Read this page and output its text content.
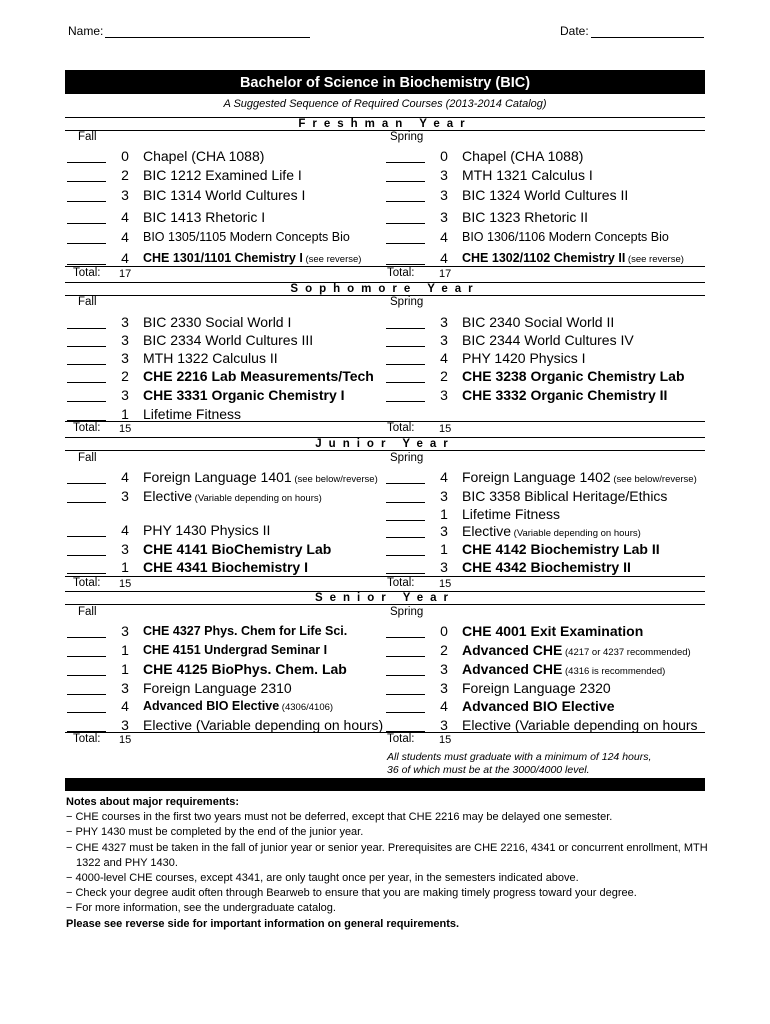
Name:	Date:
Bachelor of Science in Biochemistry (BIC)
A Suggested Sequence of Required Courses (2013-2014 Catalog)
Freshman Year
Fall
0 Chapel (CHA 1088)
2 BIC 1212 Examined Life I
3 BIC 1314 World Cultures I
4 BIC 1413 Rhetoric I
4 BIO 1305/1105 Modern Concepts Bio
4 CHE 1301/1101 Chemistry I (see reverse)
Total: 17
Spring
0 Chapel (CHA 1088)
3 MTH 1321 Calculus I
3 BIC 1324 World Cultures II
3 BIC 1323 Rhetoric II
4 BIO 1306/1106 Modern Concepts Bio
4 CHE 1302/1102 Chemistry II (see reverse)
Total: 17
Sophomore Year
Fall
3 BIC 2330 Social World I
3 BIC 2334 World Cultures III
3 MTH 1322 Calculus II
2 CHE 2216 Lab Measurements/Tech
3 CHE 3331 Organic Chemistry I
1 Lifetime Fitness
Total: 15
Spring
3 BIC 2340 Social World II
3 BIC 2344 World Cultures IV
4 PHY 1420 Physics I
2 CHE 3238 Organic Chemistry Lab
3 CHE 3332 Organic Chemistry II
Total: 15
Junior Year
Fall
4 Foreign Language 1401 (see below/reverse)
3 Elective (Variable depending on hours)
4 PHY 1430 Physics II
3 CHE 4141 BioChemistry Lab
1 CHE 4341 Biochemistry I
Total: 15
Spring
4 Foreign Language 1402 (see below/reverse)
3 BIC 3358 Biblical Heritage/Ethics
1 Lifetime Fitness
3 Elective (Variable depending on hours)
1 CHE 4142 Biochemistry Lab II
3 CHE 4342 Biochemistry II
Total: 15
Senior Year
Fall
3 CHE 4327 Phys. Chem for Life Sci.
1 CHE 4151 Undergrad Seminar I
1 CHE 4125 BioPhys. Chem. Lab
3 Foreign Language 2310
4 Advanced BIO Elective (4306/4106)
3 Elective (Variable depending on hours)
Total: 15
Spring
0 CHE 4001 Exit Examination
2 Advanced CHE (4217 or 4237 recommended)
3 Advanced CHE (4316 is recommended)
3 Foreign Language 2320
4 Advanced BIO Elective
3 Elective (Variable depending on hours
Total: 15
All students must graduate with a minimum of 124 hours,
36 of which must be at the 3000/4000 level.
Notes about major requirements:
− CHE courses in the first two years must not be deferred, except that CHE 2216 may be delayed one semester.
− PHY 1430 must be completed by the end of the junior year.
− CHE 4327 must be taken in the fall of junior year or senior year. Prerequisites are CHE 2216, 4341 or concurrent enrollment, MTH 1322 and PHY 1430.
− 4000-level CHE courses, except 4341, are only taught once per year, in the semesters indicated above.
− Check your degree audit often through Bearweb to ensure that you are making timely progress toward your degree.
− For more information, see the undergraduate catalog.
Please see reverse side for important information on general requirements.
